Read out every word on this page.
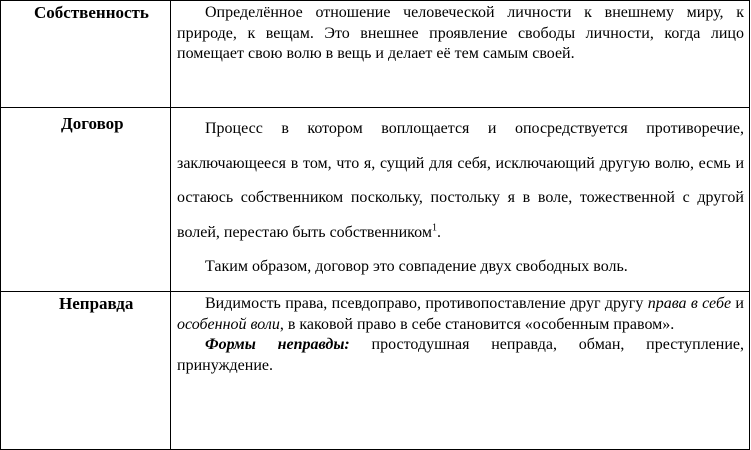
Собственность	Определённое отношение человеческой личности к внешнему миру, к природе, к вещам. Это внешнее проявление свободы личности, когда лицо помещает свою волю в вещь и делает её тем самым своей.

Договор	Процесс в котором воплощается и опосредствуется противоречие, заключающееся в том, что я, сущий для себя, исключающий другую волю, есмь и остаюсь собственником поскольку, постольку я в воле, тожественной с другой волей, перестаю быть собственником$^1$.

Таким образом, договор это совпадение двух свободных воль.

Неправда	Видимость права, псевдоправо, противопоставление друг другу права в себе и особенной воли, в каковой право в себе становится «особенным правом».

Формы неправды: простодушная неправда, обман, преступление, принуждение.
